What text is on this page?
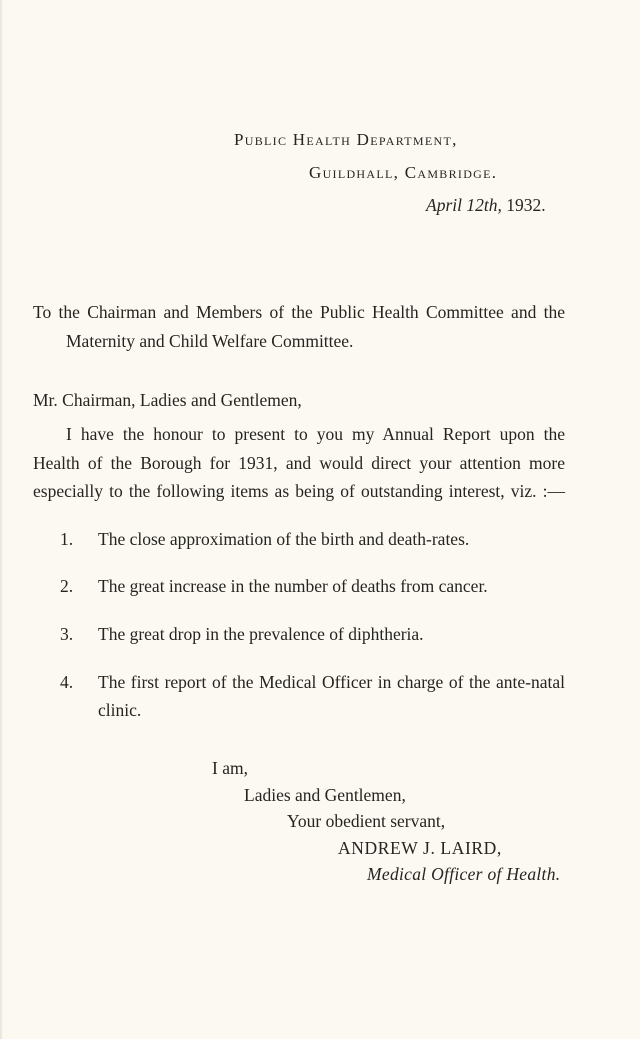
Public Health Department,
Guildhall, Cambridge.
April 12th, 1932.
To the Chairman and Members of the Public Health Committee and the
Maternity and Child Welfare Committee.
Mr. Chairman, Ladies and Gentlemen,
I have the honour to present to you my Annual Report upon the
Health of the Borough for 1931, and would direct your attention more
especially to the following items as being of outstanding interest, viz. :—
1. The close approximation of the birth and death-rates.
2. The great increase in the number of deaths from cancer.
3. The great drop in the prevalence of diphtheria.
4. The first report of the Medical Officer in charge of the ante-natal
clinic.
I am,
Ladies and Gentlemen,
Your obedient servant,
ANDREW J. LAIRD,
Medical Officer of Health.
